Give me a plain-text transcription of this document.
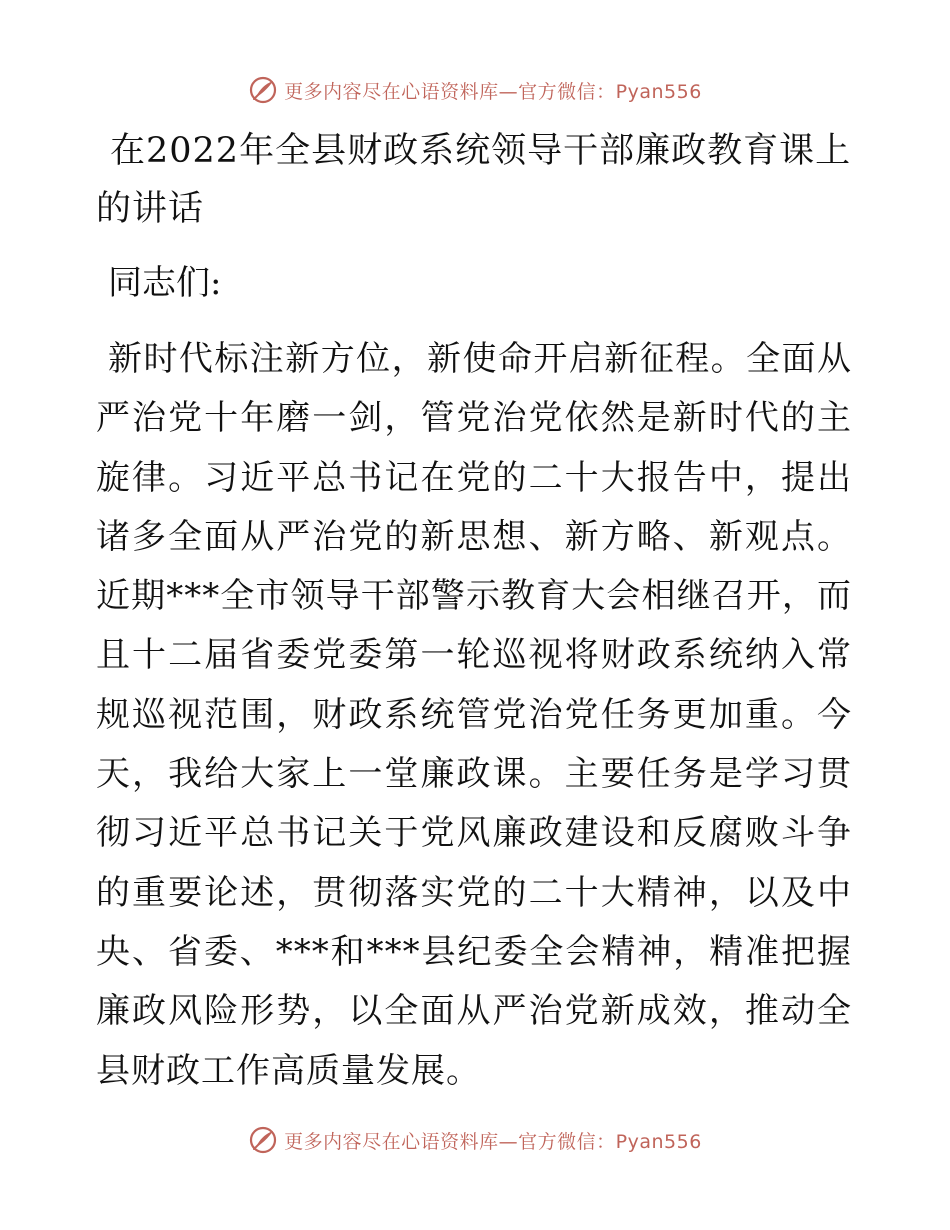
更多内容尽在心语资料库—官方微信：Pyan556
在2022年全县财政系统领导干部廉政教育课上的讲话

同志们:

新时代标注新方位，新使命开启新征程。全面从严治党十年磨一剑，管党治党依然是新时代的主旋律。习近平总书记在党的二十大报告中，提出诸多全面从严治党的新思想、新方略、新观点。近期***全市领导干部警示教育大会相继召开，而且十二届省委党委第一轮巡视将财政系统纳入常规巡视范围，财政系统管党治党任务更加重。今天，我给大家上一堂廉政课。主要任务是学习贯彻习近平总书记关于党风廉政建设和反腐败斗争的重要论述，贯彻落实党的二十大精神，以及中央、省委、***和***县纪委全会精神，精准把握廉政风险形势，以全面从严治党新成效，推动全县财政工作高质量发展。

更多内容尽在心语资料库—官方微信：Pyan556
